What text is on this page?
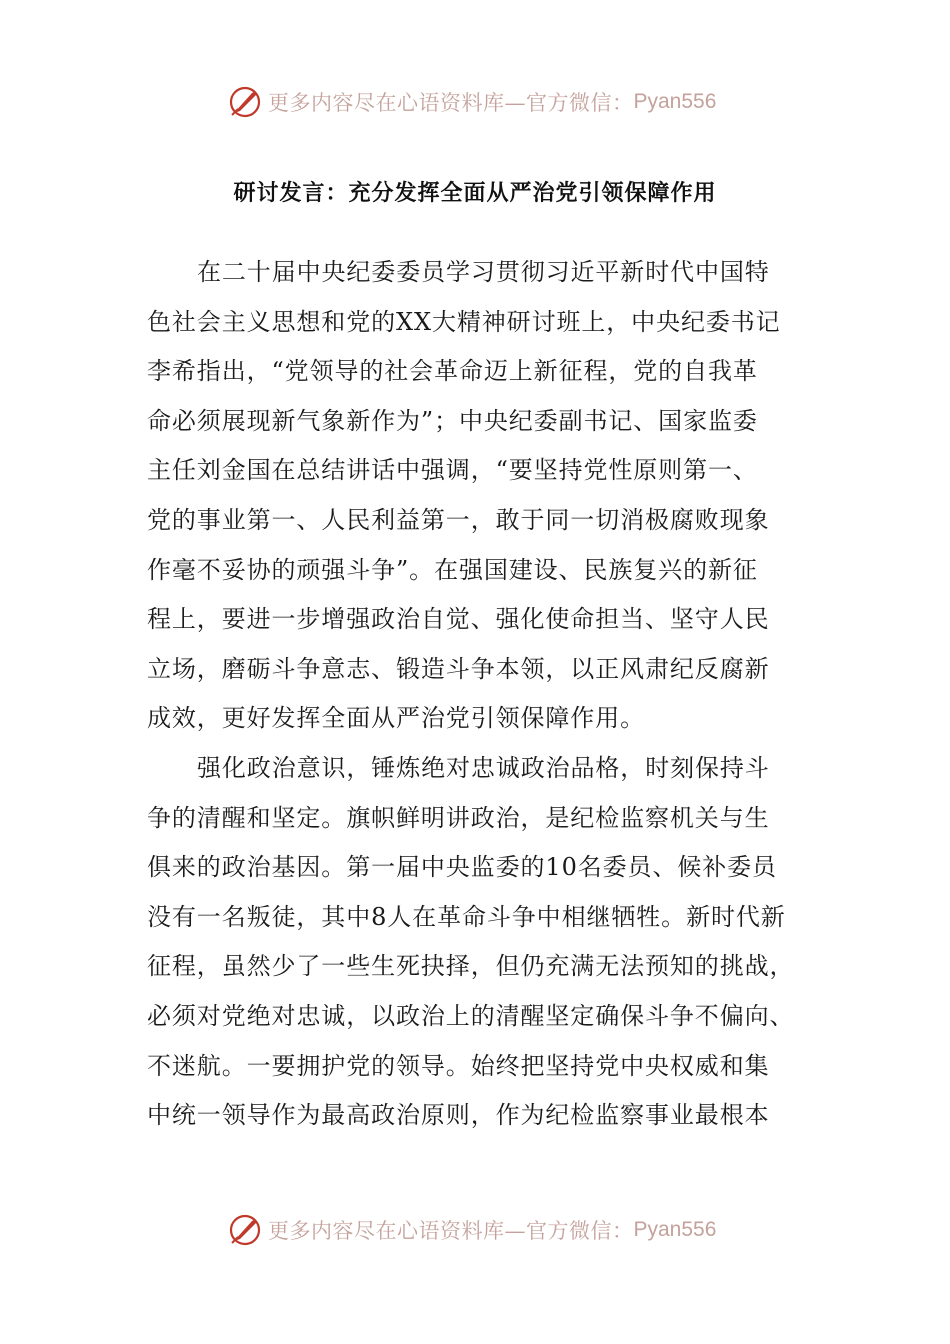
更多内容尽在心语资料库—官方微信： Pyan556
研讨发言：充分发挥全面从严治党引领保障作用
在二十届中央纪委委员学习贯彻习近平新时代中国特
色社会主义思想和党的XX大精神研讨班上，中央纪委书记
李希指出，“党领导的社会革命迈上新征程，党的自我革
命必须展现新气象新作为”；中央纪委副书记、国家监委
主任刘金国在总结讲话中强调，“要坚持党性原则第一、
党的事业第一、人民利益第一，敢于同一切消极腐败现象
作毫不妥协的顽强斗争”。在强国建设、民族复兴的新征
程上，要进一步增强政治自觉、强化使命担当、坚守人民
立场，磨砺斗争意志、锻造斗争本领，以正风肃纪反腐新
成效，更好发挥全面从严治党引领保障作用。
强化政治意识，锤炼绝对忠诚政治品格，时刻保持斗
争的清醒和坚定。旗帜鲜明讲政治，是纪检监察机关与生
俱来的政治基因。第一届中央监委的10名委员、候补委员
没有一名叛徒，其中8人在革命斗争中相继牺牲。新时代新
征程，虽然少了一些生死抉择，但仍充满无法预知的挑战，
必须对党绝对忠诚，以政治上的清醒坚定确保斗争不偏向、
不迷航。一要拥护党的领导。始终把坚持党中央权威和集
中统一领导作为最高政治原则，作为纪检监察事业最根本
更多内容尽在心语资料库—官方微信： Pyan556
